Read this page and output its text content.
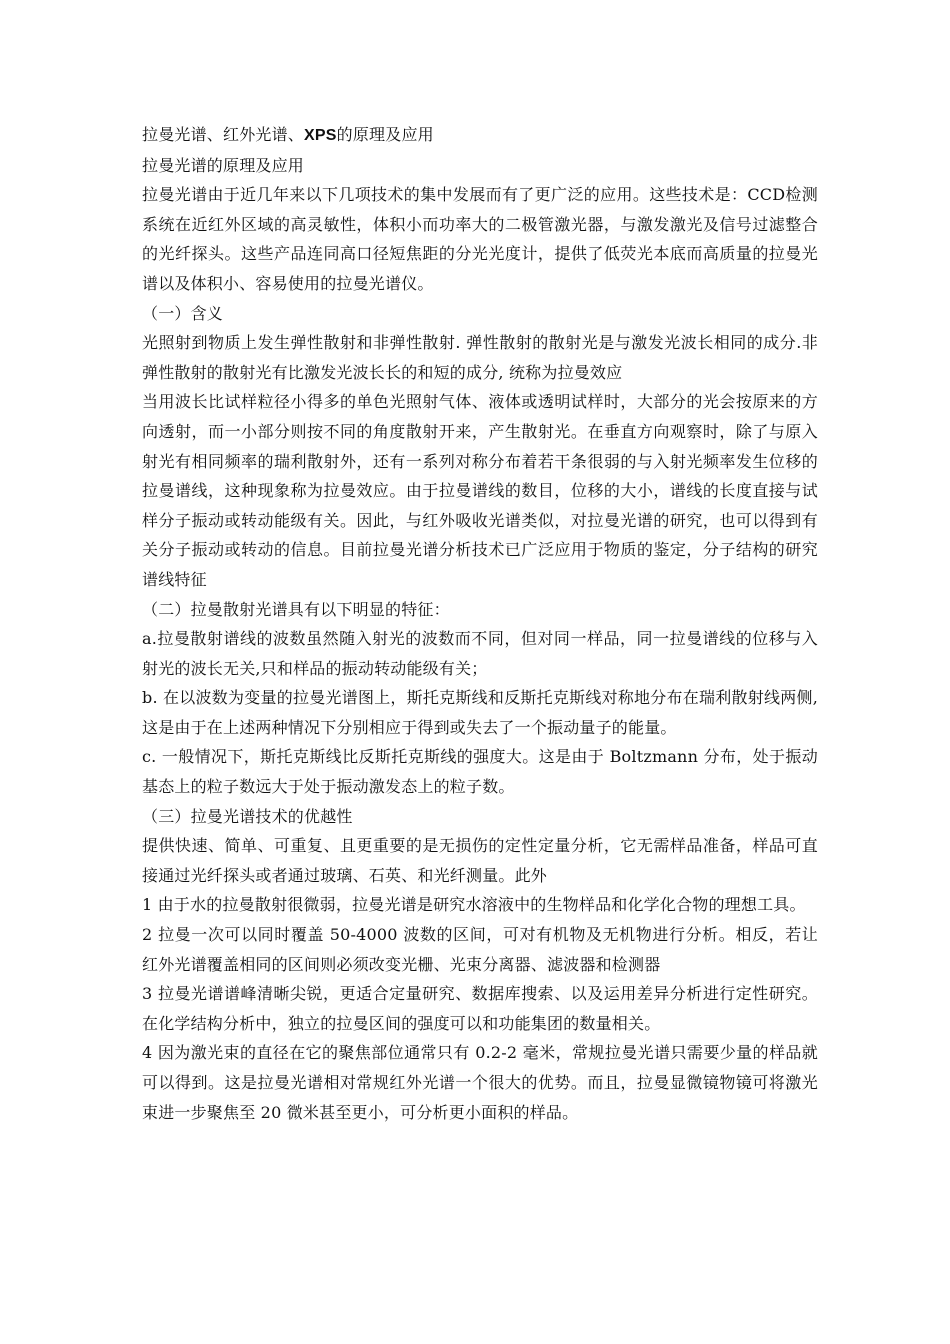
拉曼光谱、红外光谱、XPS的原理及应用

拉曼光谱的原理及应用

拉曼光谱由于近几年来以下几项技术的集中发展而有了更广泛的应用。这些技术是：CCD检测系统在近红外区域的高灵敏性，体积小而功率大的二极管激光器，与激发激光及信号过滤整合的光纤探头。这些产品连同高口径短焦距的分光光度计，提供了低荧光本底而高质量的拉曼光谱以及体积小、容易使用的拉曼光谱仪。

（一）含义

光照射到物质上发生弹性散射和非弹性散射. 弹性散射的散射光是与激发光波长相同的成分.非弹性散射的散射光有比激发光波长长的和短的成分, 统称为拉曼效应

当用波长比试样粒径小得多的单色光照射气体、液体或透明试样时，大部分的光会按原来的方向透射，而一小部分则按不同的角度散射开来，产生散射光。在垂直方向观察时，除了与原入射光有相同频率的瑞利散射外，还有一系列对称分布着若干条很弱的与入射光频率发生位移的拉曼谱线，这种现象称为拉曼效应。由于拉曼谱线的数目，位移的大小，谱线的长度直接与试样分子振动或转动能级有关。因此，与红外吸收光谱类似，对拉曼光谱的研究，也可以得到有关分子振动或转动的信息。目前拉曼光谱分析技术已广泛应用于物质的鉴定，分子结构的研究谱线特征

（二）拉曼散射光谱具有以下明显的特征：

a.拉曼散射谱线的波数虽然随入射光的波数而不同，但对同一样品，同一拉曼谱线的位移与入射光的波长无关,只和样品的振动转动能级有关；

b. 在以波数为变量的拉曼光谱图上，斯托克斯线和反斯托克斯线对称地分布在瑞利散射线两侧, 这是由于在上述两种情况下分别相应于得到或失去了一个振动量子的能量。

c. 一般情况下，斯托克斯线比反斯托克斯线的强度大。这是由于 Boltzmann 分布，处于振动基态上的粒子数远大于处于振动激发态上的粒子数。

（三）拉曼光谱技术的优越性

提供快速、简单、可重复、且更重要的是无损伤的定性定量分析，它无需样品准备，样品可直接通过光纤探头或者通过玻璃、石英、和光纤测量。此外

1 由于水的拉曼散射很微弱，拉曼光谱是研究水溶液中的生物样品和化学化合物的理想工具。

2 拉曼一次可以同时覆盖 50-4000 波数的区间，可对有机物及无机物进行分析。相反，若让红外光谱覆盖相同的区间则必须改变光栅、光束分离器、滤波器和检测器

3 拉曼光谱谱峰清晰尖锐，更适合定量研究、数据库搜索、以及运用差异分析进行定性研究。在化学结构分析中，独立的拉曼区间的强度可以和功能集团的数量相关。

4 因为激光束的直径在它的聚焦部位通常只有 0.2-2 毫米，常规拉曼光谱只需要少量的样品就可以得到。这是拉曼光谱相对常规红外光谱一个很大的优势。而且，拉曼显微镜物镜可将激光束进一步聚焦至 20 微米甚至更小，可分析更小面积的样品。
